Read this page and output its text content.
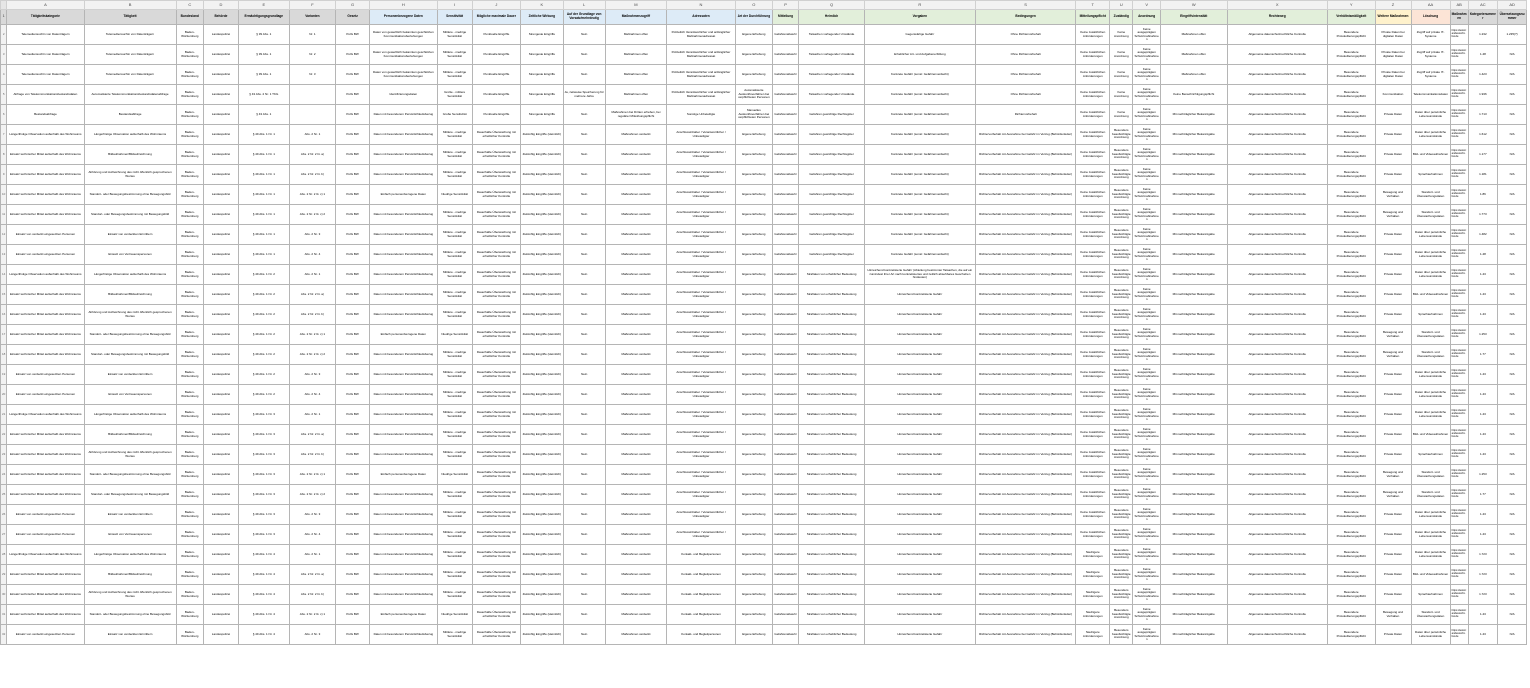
	A	B	C	D	E	F	G	H	I	J	K	L	M	N	O	P	Q	R	S	T	U	V	W	X	Y	Z	AA	AB	AC	AD
1	Tätigkeitskategorie	Tätigkeit	Bundesland	Behörde	Ermächtigungsgrundlage	Varianten	Gesetz	Personenbezogene Daten	Sensitivität	Mögliche maximale Dauer	Zeitliche Wirkung	Auf der Grundlage von Vorsatz/mehrdeutig	Maßnahmenzugriff	Adressaten	Art der Durchführung	Mitteilung	Heimlich	Vorgaben	Bedingungen	Mitteilungspflicht	Zuständig	Anordnung	Eingriffsintensität	Rechtsweg	Verhältnismäßigkeit	Weitere Maßnahmen	Löschung	Maßnahmen	Kategorienummer	Übersetzungsnummer
2	Telemediensuchtn von Datenträgern	Telemediensuchtn von Datenträgern	Baden-Württemberg	Landespolizei	§ 39 Abs. 1	Nr. 1	PolG BW	Daten von gewerblich bekannten geschützten Kommunikationsbeziehungen	Mittlere - niedrige Sensitivität	Punktuelle Eingriffe	Strengeste Eingriffe	Nein	Maßnahmen offen	Polizeilich Verantwortlicher und anfänglicher Maßnahmenadressat	Eigene Erhebung	Gefahrenabwehr	Tatsachen vorliegender Umstände	Gegenwärtige Gefahr	Ohne Richtervorbehalt	Keine zusätzlichen Anforderungen	Keine Anordnung	Keine ausgeprägten Schutzmaßnahmen	Maßnahmen offen	Allgemeine datenschutzrechtliche Kontrolle	Besondere Protokollierungspflicht	Private Daten bei digitalen Daten	Zugriff auf private IT-Systeme	https://www.landesrecht-bw.de	1.232	1.235(?)
3	Telemediensuchtn von Datenträgern	Telemediensuchtn von Datenträgern	Baden-Württemberg	Landespolizei	§ 39 Abs. 1	Nr. 2	PolG BW	Daten von gewerblich bekannten geschützten Kommunikationsbeziehungen	Mittlere - niedrige Sensitivität	Punktuelle Eingriffe	Strengeste Eingriffe	Nein	Maßnahmen offen	Polizeilich Verantwortlicher und anfänglicher Maßnahmenadressat	Eigene Erhebung	Gefahrenabwehr	Tatsachen vorliegender Umstände	Erheblicher Art- und Aufgabenerfüllung	Ohne Richtervorbehalt	Keine zusätzlichen Anforderungen	Keine Anordnung	Keine ausgeprägten Schutzmaßnahmen	Maßnahmen offen	Allgemeine datenschutzrechtliche Kontrolle	Besondere Protokollierungspflicht	Private Daten bei digitalen Daten	Zugriff auf private IT-Systeme	https://www.landesrecht-bw.de	1.48	N/A
4	Telemediensuchtn von Datenträgern	Telemediensuchtn von Datenträgern	Baden-Württemberg	Landespolizei	§ 39 Abs. 1	Nr. 3	PolG BW	Daten von gewerblich bekannten geschützten Kommunikationsbeziehungen	Mittlere - niedrige Sensitivität	Punktuelle Eingriffe	Strengeste Eingriffe	Nein	Maßnahmen offen	Polizeilich Verantwortlicher und anfänglicher Maßnahmenadressat	Eigene Erhebung	Gefahrenabwehr	Tatsachen vorliegender Umstände	Konkrete Gefahr (sonst: Gefahrenverdacht)	Ohne Richtervorbehalt	Keine zusätzlichen Anforderungen	Keine Anordnung	Keine ausgeprägten Schutzmaßnahmen	Maßnahmen offen	Allgemeine datenschutzrechtliche Kontrolle	Besondere Protokollierungspflicht	Private Daten bei digitalen Daten	Zugriff auf private IT-Systeme	https://www.landesrecht-bw.de	1.423	N/A
5	Abfrage von Telekommunikationsbestandsdaten	Automatisierte Telekommunikationsbestandsdatenabfrage	Baden-Württemberg	Landespolizei	§ 43 Abs. 2 Nr. 1 TKG		PolG BW	Identifizierungsdaten	Große - mittlere Sensitivität	Punktuelle Eingriffe	Strengeste Eingriffe	Ja, zeitweise Speicherung für mehrere Jahre	Maßnahmen offen	Polizeilich Verantwortlicher und anfänglicher Maßnahmenadressat	Automatisierte Auskunftsverfahren bei verpflichteten Personen	Gefahrenabwehr	Tatsachen vorliegender Umstände	Konkrete Gefahr (sonst: Gefahrenverdacht)	Ohne Richtervorbehalt	Keine zusätzlichen Anforderungen	Keine Anordnung	Keine ausgeprägten Schutzmaßnahmen	Keine Benachrichtigungspflicht	Allgemeine datenschutzrechtliche Kontrolle	Besondere Protokollierungspflicht	Kommunikation	Telekommunikationsdaten	https://www.landesrecht-bw.de	1.936	N/A
6	Bestandsabfrage	Bestandsabfrage	Baden-Württemberg	Landespolizei	§ 43 Abs. 1		PolG BW	Daten mit besonderem Persönlichkeitsbezug	Große Sensitivität	Punktuelle Eingriffe	Strengeste Eingriffe	Nein	Maßnahmen bei Dritten erheben, bei regulärer Mitwirkungspflicht	Sonstige Unbeteiligte	Manuelles Auskunftsverfahren bei verpflichteten Personen	Gefahrenabwehr	Gefahren gewichtige Rechtsgüter	Konkrete Gefahr (sonst: Gefahrenverdacht)	Richtervorbehalt	Keine zusätzlichen Anforderungen	Keine Anordnung	Keine ausgeprägten Schutzmaßnahmen	Mit nachträglicher Bekanntgabe	Allgemeine datenschutzrechtliche Kontrolle	Besondere Protokollierungspflicht	Private Daten	Daten über persönliche Lebensumstände	https://www.landesrecht-bw.de	1.713	N/A
7	Längerfristige Observation außerhalb des Wohnraums	Längerfristige Observation außerhalb des Wohnraums	Baden-Württemberg	Landespolizei	§ 49 Abs. 1 Nr. 1	Abs. 2 Nr. 1	PolG BW	Daten mit besonderem Persönlichkeitsbezug	Mittlere - niedrige Sensitivität	Dauerhafte Überwachung mit erheblicher Kontrolle	Zukünftig Eingriffe (Heimlich)	Nein	Maßnahmen verdeckt	Anschlussinhaber / Verantwortlicher / Unbeteiligter	Eigene Erhebung	Gefahrenabwehr	Gefahren gewichtige Rechtsgüter	Konkrete Gefahr (sonst: Gefahrenverdacht)	Richtervorbehalt mit Ausnahme bei Gefahr im Verzug (Behördenleiter)	Keine zusätzlichen Anforderungen	Besonders beaufsichtigte Anordnung	Keine ausgeprägten Schutzmaßnahmen	Mit nachträglicher Bekanntgabe	Allgemeine datenschutzrechtliche Kontrolle	Besondere Protokollierungspflicht	Private Daten	Daten über persönliche Lebensumstände	https://www.landesrecht-bw.de	1.612	N/A
8	Einsatz technischer Mittel außerhalb des Wohnraums	Bildaufnahmen/Bildaufzeichnung	Baden-Württemberg	Landespolizei	§ 49 Abs. 1 Nr. 1	Abs. 2 Nr. 2 lit. a)	PolG BW	Daten mit besonderem Persönlichkeitsbezug	Mittlere - niedrige Sensitivität	Dauerhafte Überwachung mit erheblicher Kontrolle	Zukünftig Eingriffe (Heimlich)	Nein	Maßnahmen verdeckt	Anschlussinhaber / Verantwortlicher / Unbeteiligter	Eigene Erhebung	Gefahrenabwehr	Gefahren gewichtige Rechtsgüter	Konkrete Gefahr (sonst: Gefahrenverdacht)	Richtervorbehalt mit Ausnahme bei Gefahr im Verzug (Behördenleiter)	Keine zusätzlichen Anforderungen	Besonders beaufsichtigte Anordnung	Keine ausgeprägten Schutzmaßnahmen	Mit nachträglicher Bekanntgabe	Allgemeine datenschutzrechtliche Kontrolle	Besondere Protokollierungspflicht	Private Daten	Bild- und Videoaufnahmen	https://www.landesrecht-bw.de	1.177	N/A
9	Einsatz technischer Mittel außerhalb des Wohnraums	Abhörung und Aufzeichnung des nicht öffentlich gesprochenen Wortes	Baden-Württemberg	Landespolizei	§ 49 Abs. 1 Nr. 1	Abs. 2 Nr. 2 lit. b)	PolG BW	Daten mit besonderem Persönlichkeitsbezug	Mittlere - niedrige Sensitivität	Dauerhafte Überwachung mit erheblicher Kontrolle	Zukünftig Eingriffe (Heimlich)	Nein	Maßnahmen verdeckt	Anschlussinhaber / Verantwortlicher / Unbeteiligter	Eigene Erhebung	Gefahrenabwehr	Gefahren gewichtige Rechtsgüter	Konkrete Gefahr (sonst: Gefahrenverdacht)	Richtervorbehalt mit Ausnahme bei Gefahr im Verzug (Behördenleiter)	Keine zusätzlichen Anforderungen	Besonders beaufsichtigte Anordnung	Keine ausgeprägten Schutzmaßnahmen	Mit nachträglicher Bekanntgabe	Allgemeine datenschutzrechtliche Kontrolle	Besondere Protokollierungspflicht	Private Daten	Sprachaufnahmen	https://www.landesrecht-bw.de	1.181	N/A
10	Einsatz technischer Mittel außerhalb des Wohnraums	Standort- oder Bewegungsbestimmung ohne Bewegungsbild	Baden-Württemberg	Landespolizei	§ 49 Abs. 1 Nr. 1	Abs. 2 Nr. 2 lit. c) 1	PolG BW	Einfach personenbezogene Daten	Niedrige Sensitivität	Dauerhafte Überwachung mit erheblicher Kontrolle	Zukünftig Eingriffe (Heimlich)	Nein	Maßnahmen verdeckt	Anschlussinhaber / Verantwortlicher / Unbeteiligter	Eigene Erhebung	Gefahrenabwehr	Gefahren gewichtige Rechtsgüter	Konkrete Gefahr (sonst: Gefahrenverdacht)	Richtervorbehalt mit Ausnahme bei Gefahr im Verzug (Behördenleiter)	Keine zusätzlichen Anforderungen	Besonders beaufsichtigte Anordnung	Keine ausgeprägten Schutzmaßnahmen	Mit nachträglicher Bekanntgabe	Allgemeine datenschutzrechtliche Kontrolle	Besondere Protokollierungspflicht	Bewegung und Verhalten	Standort- und Überwachungsdaten	https://www.landesrecht-bw.de	1.86	N/A
11	Einsatz technischer Mittel außerhalb des Wohnraums	Standort- oder Bewegungsbestimmung mit Bewegungsbild	Baden-Württemberg	Landespolizei	§ 49 Abs. 1 Nr. 1	Abs. 2 Nr. 2 lit. c) 2	PolG BW	Daten mit besonderem Persönlichkeitsbezug	Mittlere - niedrige Sensitivität	Dauerhafte Überwachung mit erheblicher Kontrolle	Zukünftig Eingriffe (Heimlich)	Nein	Maßnahmen verdeckt	Anschlussinhaber / Verantwortlicher / Unbeteiligter	Eigene Erhebung	Gefahrenabwehr	Gefahren gewichtige Rechtsgüter	Konkrete Gefahr (sonst: Gefahrenverdacht)	Richtervorbehalt mit Ausnahme bei Gefahr im Verzug (Behördenleiter)	Keine zusätzlichen Anforderungen	Besonders beaufsichtigte Anordnung	Keine ausgeprägten Schutzmaßnahmen	Mit nachträglicher Bekanntgabe	Allgemeine datenschutzrechtliche Kontrolle	Besondere Protokollierungspflicht	Bewegung und Verhalten	Standort- und Überwachungsdaten	https://www.landesrecht-bw.de	1.773	N/A
12	Einsatz von verdeckt eingesetzten Personen	Einsatz von verdeckten Ermittlern	Baden-Württemberg	Landespolizei	§ 49 Abs. 1 Nr. 1	Abs. 2 Nr. 3	PolG BW	Daten mit besonderem Persönlichkeitsbezug	Mittlere - niedrige Sensitivität	Dauerhafte Überwachung mit erheblicher Kontrolle	Zukünftig Eingriffe (Heimlich)	Nein	Maßnahmen verdeckt	Anschlussinhaber / Verantwortlicher / Unbeteiligter	Eigene Erhebung	Gefahrenabwehr	Gefahren gewichtige Rechtsgüter	Konkrete Gefahr (sonst: Gefahrenverdacht)	Richtervorbehalt mit Ausnahme bei Gefahr im Verzug (Behördenleiter)	Keine zusätzlichen Anforderungen	Besonders beaufsichtigte Anordnung	Keine ausgeprägten Schutzmaßnahmen	Mit nachträglicher Bekanntgabe	Allgemeine datenschutzrechtliche Kontrolle	Besondere Protokollierungspflicht	Private Daten	Daten über persönliche Lebensumstände	https://www.landesrecht-bw.de	1.482	N/A
13	Einsatz von verdeckt eingesetzten Personen	Einsatz von Vertrauenspersonen	Baden-Württemberg	Landespolizei	§ 49 Abs. 1 Nr. 1	Abs. 2 Nr. 4	PolG BW	Daten mit besonderem Persönlichkeitsbezug	Mittlere - niedrige Sensitivität	Dauerhafte Überwachung mit erheblicher Kontrolle	Zukünftig Eingriffe (Heimlich)	Nein	Maßnahmen verdeckt	Anschlussinhaber / Verantwortlicher / Unbeteiligter	Eigene Erhebung	Gefahrenabwehr	Gefahren gewichtige Rechtsgüter	Konkrete Gefahr (sonst: Gefahrenverdacht)	Richtervorbehalt mit Ausnahme bei Gefahr im Verzug (Behördenleiter)	Keine zusätzlichen Anforderungen	Besonders beaufsichtigte Anordnung	Keine ausgeprägten Schutzmaßnahmen	Mit nachträglicher Bekanntgabe	Allgemeine datenschutzrechtliche Kontrolle	Besondere Protokollierungspflicht	Private Daten	Daten über persönliche Lebensumstände	https://www.landesrecht-bw.de	1.48	N/A
14	Längerfristige Observation außerhalb des Wohnraums	Längerfristige Observation außerhalb des Wohnraums	Baden-Württemberg	Landespolizei	§ 49 Abs. 1 Nr. 2	Abs. 2 Nr. 1	PolG BW	Daten mit besonderem Persönlichkeitsbezug	Mittlere - niedrige Sensitivität	Dauerhafte Überwachung mit erheblicher Kontrolle	Zukünftig Eingriffe (Heimlich)	Nein	Maßnahmen verdeckt	Anschlussinhaber / Verantwortlicher / Unbeteiligter	Eigene Erhebung	Gefahrenabwehr	Straftaten von erheblicher Bedeutung	Hinreichend konkretisierte Gefahr (Ableitung bestimmter Tatsachen, die auf ein zumindest ihrer Art nach konkretisiertes und zeitlich absehbares Geschehen hindeuten)	Richtervorbehalt mit Ausnahme bei Gefahr im Verzug (Behördenleiter)	Keine zusätzlichen Anforderungen	Besonders beaufsichtigte Anordnung	Keine ausgeprägten Schutzmaßnahmen	Mit nachträglicher Bekanntgabe	Allgemeine datenschutzrechtliche Kontrolle	Besondere Protokollierungspflicht	Private Daten	Daten über persönliche Lebensumstände	https://www.landesrecht-bw.de	1.43	N/A
15	Einsatz technischer Mittel außerhalb des Wohnraums	Bildaufnahmen/Bildaufzeichnung	Baden-Württemberg	Landespolizei	§ 49 Abs. 1 Nr. 2	Abs. 2 Nr. 2 lit. a)	PolG BW	Daten mit besonderem Persönlichkeitsbezug	Mittlere - niedrige Sensitivität	Dauerhafte Überwachung mit erheblicher Kontrolle	Zukünftig Eingriffe (Heimlich)	Nein	Maßnahmen verdeckt	Anschlussinhaber / Verantwortlicher / Unbeteiligter	Eigene Erhebung	Gefahrenabwehr	Straftaten von erheblicher Bedeutung	Hinreichend konkretisierte Gefahr	Richtervorbehalt mit Ausnahme bei Gefahr im Verzug (Behördenleiter)	Keine zusätzlichen Anforderungen	Besonders beaufsichtigte Anordnung	Keine ausgeprägten Schutzmaßnahmen	Mit nachträglicher Bekanntgabe	Allgemeine datenschutzrechtliche Kontrolle	Besondere Protokollierungspflicht	Private Daten	Bild- und Videoaufnahmen	https://www.landesrecht-bw.de	1.43	N/A
16	Einsatz technischer Mittel außerhalb des Wohnraums	Abhörung und Aufzeichnung des nicht öffentlich gesprochenen Wortes	Baden-Württemberg	Landespolizei	§ 49 Abs. 1 Nr. 2	Abs. 2 Nr. 2 lit. b)	PolG BW	Daten mit besonderem Persönlichkeitsbezug	Mittlere - niedrige Sensitivität	Dauerhafte Überwachung mit erheblicher Kontrolle	Zukünftig Eingriffe (Heimlich)	Nein	Maßnahmen verdeckt	Anschlussinhaber / Verantwortlicher / Unbeteiligter	Eigene Erhebung	Gefahrenabwehr	Straftaten von erheblicher Bedeutung	Hinreichend konkretisierte Gefahr	Richtervorbehalt mit Ausnahme bei Gefahr im Verzug (Behördenleiter)	Keine zusätzlichen Anforderungen	Besonders beaufsichtigte Anordnung	Keine ausgeprägten Schutzmaßnahmen	Mit nachträglicher Bekanntgabe	Allgemeine datenschutzrechtliche Kontrolle	Besondere Protokollierungspflicht	Private Daten	Sprachaufnahmen	https://www.landesrecht-bw.de	1.43	N/A
17	Einsatz technischer Mittel außerhalb des Wohnraums	Standort- oder Bewegungsbestimmung ohne Bewegungsbild	Baden-Württemberg	Landespolizei	§ 49 Abs. 1 Nr. 2	Abs. 2 Nr. 2 lit. c) 1	PolG BW	Einfach personenbezogene Daten	Niedrige Sensitivität	Dauerhafte Überwachung mit erheblicher Kontrolle	Zukünftig Eingriffe (Heimlich)	Nein	Maßnahmen verdeckt	Anschlussinhaber / Verantwortlicher / Unbeteiligter	Eigene Erhebung	Gefahrenabwehr	Straftaten von erheblicher Bedeutung	Hinreichend konkretisierte Gefahr	Richtervorbehalt mit Ausnahme bei Gefahr im Verzug (Behördenleiter)	Keine zusätzlichen Anforderungen	Besonders beaufsichtigte Anordnung	Keine ausgeprägten Schutzmaßnahmen	Mit nachträglicher Bekanntgabe	Allgemeine datenschutzrechtliche Kontrolle	Besondere Protokollierungspflicht	Bewegung und Verhalten	Standort- und Überwachungsdaten	https://www.landesrecht-bw.de	1.253	N/A
18	Einsatz technischer Mittel außerhalb des Wohnraums	Standort- oder Bewegungsbestimmung mit Bewegungsbild	Baden-Württemberg	Landespolizei	§ 49 Abs. 1 Nr. 2	Abs. 2 Nr. 2 lit. c) 2	PolG BW	Daten mit besonderem Persönlichkeitsbezug	Mittlere - niedrige Sensitivität	Dauerhafte Überwachung mit erheblicher Kontrolle	Zukünftig Eingriffe (Heimlich)	Nein	Maßnahmen verdeckt	Anschlussinhaber / Verantwortlicher / Unbeteiligter	Eigene Erhebung	Gefahrenabwehr	Straftaten von erheblicher Bedeutung	Hinreichend konkretisierte Gefahr	Richtervorbehalt mit Ausnahme bei Gefahr im Verzug (Behördenleiter)	Keine zusätzlichen Anforderungen	Besonders beaufsichtigte Anordnung	Keine ausgeprägten Schutzmaßnahmen	Mit nachträglicher Bekanntgabe	Allgemeine datenschutzrechtliche Kontrolle	Besondere Protokollierungspflicht	Bewegung und Verhalten	Standort- und Überwachungsdaten	https://www.landesrecht-bw.de	1.77	N/A
19	Einsatz von verdeckt eingesetzten Personen	Einsatz von verdeckten Ermittlern	Baden-Württemberg	Landespolizei	§ 49 Abs. 1 Nr. 2	Abs. 2 Nr. 3	PolG BW	Daten mit besonderem Persönlichkeitsbezug	Mittlere - niedrige Sensitivität	Dauerhafte Überwachung mit erheblicher Kontrolle	Zukünftig Eingriffe (Heimlich)	Nein	Maßnahmen verdeckt	Anschlussinhaber / Verantwortlicher / Unbeteiligter	Eigene Erhebung	Gefahrenabwehr	Straftaten von erheblicher Bedeutung	Hinreichend konkretisierte Gefahr	Richtervorbehalt mit Ausnahme bei Gefahr im Verzug (Behördenleiter)	Keine zusätzlichen Anforderungen	Besonders beaufsichtigte Anordnung	Keine ausgeprägten Schutzmaßnahmen	Mit nachträglicher Bekanntgabe	Allgemeine datenschutzrechtliche Kontrolle	Besondere Protokollierungspflicht	Private Daten	Daten über persönliche Lebensumstände	https://www.landesrecht-bw.de	1.43	N/A
20	Einsatz von verdeckt eingesetzten Personen	Einsatz von Vertrauenspersonen	Baden-Württemberg	Landespolizei	§ 49 Abs. 1 Nr. 2	Abs. 2 Nr. 4	PolG BW	Daten mit besonderem Persönlichkeitsbezug	Mittlere - niedrige Sensitivität	Dauerhafte Überwachung mit erheblicher Kontrolle	Zukünftig Eingriffe (Heimlich)	Nein	Maßnahmen verdeckt	Anschlussinhaber / Verantwortlicher / Unbeteiligter	Eigene Erhebung	Gefahrenabwehr	Straftaten von erheblicher Bedeutung	Hinreichend konkretisierte Gefahr	Richtervorbehalt mit Ausnahme bei Gefahr im Verzug (Behördenleiter)	Keine zusätzlichen Anforderungen	Besonders beaufsichtigte Anordnung	Keine ausgeprägten Schutzmaßnahmen	Mit nachträglicher Bekanntgabe	Allgemeine datenschutzrechtliche Kontrolle	Besondere Protokollierungspflicht	Private Daten	Daten über persönliche Lebensumstände	https://www.landesrecht-bw.de	1.43	N/A
21	Längerfristige Observation außerhalb des Wohnraums	Längerfristige Observation außerhalb des Wohnraums	Baden-Württemberg	Landespolizei	§ 49 Abs. 1 Nr. 3	Abs. 2 Nr. 1	PolG BW	Daten mit besonderem Persönlichkeitsbezug	Mittlere - niedrige Sensitivität	Dauerhafte Überwachung mit erheblicher Kontrolle	Zukünftig Eingriffe (Heimlich)	Nein	Maßnahmen verdeckt	Anschlussinhaber / Verantwortlicher / Unbeteiligter	Eigene Erhebung	Gefahrenabwehr	Straftaten von erheblicher Bedeutung	Hinreichend konkretisierte Gefahr	Richtervorbehalt mit Ausnahme bei Gefahr im Verzug (Behördenleiter)	Keine zusätzlichen Anforderungen	Besonders beaufsichtigte Anordnung	Keine ausgeprägten Schutzmaßnahmen	Mit nachträglicher Bekanntgabe	Allgemeine datenschutzrechtliche Kontrolle	Besondere Protokollierungspflicht	Private Daten	Daten über persönliche Lebensumstände	https://www.landesrecht-bw.de	1.43	N/A
22	Einsatz technischer Mittel außerhalb des Wohnraums	Bildaufnahmen/Bildaufzeichnung	Baden-Württemberg	Landespolizei	§ 49 Abs. 1 Nr. 3	Abs. 2 Nr. 2 lit. a)	PolG BW	Daten mit besonderem Persönlichkeitsbezug	Mittlere - niedrige Sensitivität	Dauerhafte Überwachung mit erheblicher Kontrolle	Zukünftig Eingriffe (Heimlich)	Nein	Maßnahmen verdeckt	Anschlussinhaber / Verantwortlicher / Unbeteiligter	Eigene Erhebung	Gefahrenabwehr	Straftaten von erheblicher Bedeutung	Hinreichend konkretisierte Gefahr	Richtervorbehalt mit Ausnahme bei Gefahr im Verzug (Behördenleiter)	Keine zusätzlichen Anforderungen	Besonders beaufsichtigte Anordnung	Keine ausgeprägten Schutzmaßnahmen	Mit nachträglicher Bekanntgabe	Allgemeine datenschutzrechtliche Kontrolle	Besondere Protokollierungspflicht	Private Daten	Bild- und Videoaufnahmen	https://www.landesrecht-bw.de	1.43	N/A
23	Einsatz technischer Mittel außerhalb des Wohnraums	Abhörung und Aufzeichnung des nicht öffentlich gesprochenen Wortes	Baden-Württemberg	Landespolizei	§ 49 Abs. 1 Nr. 3	Abs. 2 Nr. 2 lit. b)	PolG BW	Daten mit besonderem Persönlichkeitsbezug	Mittlere - niedrige Sensitivität	Dauerhafte Überwachung mit erheblicher Kontrolle	Zukünftig Eingriffe (Heimlich)	Nein	Maßnahmen verdeckt	Anschlussinhaber / Verantwortlicher / Unbeteiligter	Eigene Erhebung	Gefahrenabwehr	Straftaten von erheblicher Bedeutung	Hinreichend konkretisierte Gefahr	Richtervorbehalt mit Ausnahme bei Gefahr im Verzug (Behördenleiter)	Keine zusätzlichen Anforderungen	Besonders beaufsichtigte Anordnung	Keine ausgeprägten Schutzmaßnahmen	Mit nachträglicher Bekanntgabe	Allgemeine datenschutzrechtliche Kontrolle	Besondere Protokollierungspflicht	Private Daten	Sprachaufnahmen	https://www.landesrecht-bw.de	1.43	N/A
24	Einsatz technischer Mittel außerhalb des Wohnraums	Standort- oder Bewegungsbestimmung ohne Bewegungsbild	Baden-Württemberg	Landespolizei	§ 49 Abs. 1 Nr. 3	Abs. 2 Nr. 2 lit. c) 1	PolG BW	Einfach personenbezogene Daten	Niedrige Sensitivität	Dauerhafte Überwachung mit erheblicher Kontrolle	Zukünftig Eingriffe (Heimlich)	Nein	Maßnahmen verdeckt	Anschlussinhaber / Verantwortlicher / Unbeteiligter	Eigene Erhebung	Gefahrenabwehr	Straftaten von erheblicher Bedeutung	Hinreichend konkretisierte Gefahr	Richtervorbehalt mit Ausnahme bei Gefahr im Verzug (Behördenleiter)	Keine zusätzlichen Anforderungen	Besonders beaufsichtigte Anordnung	Keine ausgeprägten Schutzmaßnahmen	Mit nachträglicher Bekanntgabe	Allgemeine datenschutzrechtliche Kontrolle	Besondere Protokollierungspflicht	Bewegung und Verhalten	Standort- und Überwachungsdaten	https://www.landesrecht-bw.de	1.253	N/A
25	Einsatz technischer Mittel außerhalb des Wohnraums	Standort- oder Bewegungsbestimmung mit Bewegungsbild	Baden-Württemberg	Landespolizei	§ 49 Abs. 1 Nr. 3	Abs. 2 Nr. 2 lit. c) 2	PolG BW	Daten mit besonderem Persönlichkeitsbezug	Mittlere - niedrige Sensitivität	Dauerhafte Überwachung mit erheblicher Kontrolle	Zukünftig Eingriffe (Heimlich)	Nein	Maßnahmen verdeckt	Anschlussinhaber / Verantwortlicher / Unbeteiligter	Eigene Erhebung	Gefahrenabwehr	Straftaten von erheblicher Bedeutung	Hinreichend konkretisierte Gefahr	Richtervorbehalt mit Ausnahme bei Gefahr im Verzug (Behördenleiter)	Keine zusätzlichen Anforderungen	Besonders beaufsichtigte Anordnung	Keine ausgeprägten Schutzmaßnahmen	Mit nachträglicher Bekanntgabe	Allgemeine datenschutzrechtliche Kontrolle	Besondere Protokollierungspflicht	Bewegung und Verhalten	Standort- und Überwachungsdaten	https://www.landesrecht-bw.de	1.77	N/A
26	Einsatz von verdeckt eingesetzten Personen	Einsatz von verdeckten Ermittlern	Baden-Württemberg	Landespolizei	§ 49 Abs. 1 Nr. 3	Abs. 2 Nr. 3	PolG BW	Daten mit besonderem Persönlichkeitsbezug	Mittlere - niedrige Sensitivität	Dauerhafte Überwachung mit erheblicher Kontrolle	Zukünftig Eingriffe (Heimlich)	Nein	Maßnahmen verdeckt	Anschlussinhaber / Verantwortlicher / Unbeteiligter	Eigene Erhebung	Gefahrenabwehr	Straftaten von erheblicher Bedeutung	Hinreichend konkretisierte Gefahr	Richtervorbehalt mit Ausnahme bei Gefahr im Verzug (Behördenleiter)	Keine zusätzlichen Anforderungen	Besonders beaufsichtigte Anordnung	Keine ausgeprägten Schutzmaßnahmen	Mit nachträglicher Bekanntgabe	Allgemeine datenschutzrechtliche Kontrolle	Besondere Protokollierungspflicht	Private Daten	Daten über persönliche Lebensumstände	https://www.landesrecht-bw.de	1.43	N/A
27	Einsatz von verdeckt eingesetzten Personen	Einsatz von Vertrauenspersonen	Baden-Württemberg	Landespolizei	§ 49 Abs. 1 Nr. 3	Abs. 2 Nr. 4	PolG BW	Daten mit besonderem Persönlichkeitsbezug	Mittlere - niedrige Sensitivität	Dauerhafte Überwachung mit erheblicher Kontrolle	Zukünftig Eingriffe (Heimlich)	Nein	Maßnahmen verdeckt	Anschlussinhaber / Verantwortlicher / Unbeteiligter	Eigene Erhebung	Gefahrenabwehr	Straftaten von erheblicher Bedeutung	Hinreichend konkretisierte Gefahr	Richtervorbehalt mit Ausnahme bei Gefahr im Verzug (Behördenleiter)	Keine zusätzlichen Anforderungen	Besonders beaufsichtigte Anordnung	Keine ausgeprägten Schutzmaßnahmen	Mit nachträglicher Bekanntgabe	Allgemeine datenschutzrechtliche Kontrolle	Besondere Protokollierungspflicht	Private Daten	Daten über persönliche Lebensumstände	https://www.landesrecht-bw.de	1.43	N/A
28	Längerfristige Observation außerhalb des Wohnraums	Längerfristige Observation außerhalb des Wohnraums	Baden-Württemberg	Landespolizei	§ 49 Abs. 1 Nr. 4	Abs. 2 Nr. 1	PolG BW	Daten mit besonderem Persönlichkeitsbezug	Mittlere - niedrige Sensitivität	Dauerhafte Überwachung mit erheblicher Kontrolle	Zukünftig Eingriffe (Heimlich)	Nein	Maßnahmen verdeckt	Kontakt- und Begleitpersonen	Eigene Erhebung	Gefahrenabwehr	Straftaten von erheblicher Bedeutung	Hinreichend konkretisierte Gefahr	Richtervorbehalt mit Ausnahme bei Gefahr im Verzug (Behördenleiter)	Niedrigere Anforderungen	Besonders beaufsichtigte Anordnung	Keine ausgeprägten Schutzmaßnahmen	Mit nachträglicher Bekanntgabe	Allgemeine datenschutzrechtliche Kontrolle	Besondere Protokollierungspflicht	Private Daten	Daten über persönliche Lebensumstände	https://www.landesrecht-bw.de	1.723	N/A
29	Einsatz technischer Mittel außerhalb des Wohnraums	Bildaufnahmen/Bildaufzeichnung	Baden-Württemberg	Landespolizei	§ 49 Abs. 1 Nr. 4	Abs. 2 Nr. 2 lit. a)	PolG BW	Daten mit besonderem Persönlichkeitsbezug	Mittlere - niedrige Sensitivität	Dauerhafte Überwachung mit erheblicher Kontrolle	Zukünftig Eingriffe (Heimlich)	Nein	Maßnahmen verdeckt	Kontakt- und Begleitpersonen	Eigene Erhebung	Gefahrenabwehr	Straftaten von erheblicher Bedeutung	Hinreichend konkretisierte Gefahr	Richtervorbehalt mit Ausnahme bei Gefahr im Verzug (Behördenleiter)	Niedrigere Anforderungen	Besonders beaufsichtigte Anordnung	Keine ausgeprägten Schutzmaßnahmen	Mit nachträglicher Bekanntgabe	Allgemeine datenschutzrechtliche Kontrolle	Besondere Protokollierungspflicht	Private Daten	Bild- und Videoaufnahmen	https://www.landesrecht-bw.de	1.723	N/A
30	Einsatz technischer Mittel außerhalb des Wohnraums	Abhörung und Aufzeichnung des nicht öffentlich gesprochenen Wortes	Baden-Württemberg	Landespolizei	§ 49 Abs. 1 Nr. 4	Abs. 2 Nr. 2 lit. b)	PolG BW	Daten mit besonderem Persönlichkeitsbezug	Mittlere - niedrige Sensitivität	Dauerhafte Überwachung mit erheblicher Kontrolle	Zukünftig Eingriffe (Heimlich)	Nein	Maßnahmen verdeckt	Kontakt- und Begleitpersonen	Eigene Erhebung	Gefahrenabwehr	Straftaten von erheblicher Bedeutung	Hinreichend konkretisierte Gefahr	Richtervorbehalt mit Ausnahme bei Gefahr im Verzug (Behördenleiter)	Niedrigere Anforderungen	Besonders beaufsichtigte Anordnung	Keine ausgeprägten Schutzmaßnahmen	Mit nachträglicher Bekanntgabe	Allgemeine datenschutzrechtliche Kontrolle	Besondere Protokollierungspflicht	Private Daten	Sprachaufnahmen	https://www.landesrecht-bw.de	1.723	N/A
31	Einsatz technischer Mittel außerhalb des Wohnraums	Standort- oder Bewegungsbestimmung ohne Bewegungsbild	Baden-Württemberg	Landespolizei	§ 49 Abs. 1 Nr. 4	Abs. 2 Nr. 2 lit. c) 1	PolG BW	Einfach personenbezogene Daten	Niedrige Sensitivität	Dauerhafte Überwachung mit erheblicher Kontrolle	Zukünftig Eingriffe (Heimlich)	Nein	Maßnahmen verdeckt	Kontakt- und Begleitpersonen	Eigene Erhebung	Gefahrenabwehr	Straftaten von erheblicher Bedeutung	Hinreichend konkretisierte Gefahr	Richtervorbehalt mit Ausnahme bei Gefahr im Verzug (Behördenleiter)	Niedrigere Anforderungen	Besonders beaufsichtigte Anordnung	Keine ausgeprägten Schutzmaßnahmen	Mit nachträglicher Bekanntgabe	Allgemeine datenschutzrechtliche Kontrolle	Besondere Protokollierungspflicht	Bewegung und Verhalten	Standort- und Überwachungsdaten	https://www.landesrecht-bw.de	1.43	N/A
32	Einsatz von verdeckt eingesetzten Personen	Einsatz von verdeckten Ermittlern	Baden-Württemberg	Landespolizei	§ 49 Abs. 1 Nr. 4	Abs. 2 Nr. 3	PolG BW	Daten mit besonderem Persönlichkeitsbezug	Mittlere - niedrige Sensitivität	Dauerhafte Überwachung mit erheblicher Kontrolle	Zukünftig Eingriffe (Heimlich)	Nein	Maßnahmen verdeckt	Kontakt- und Begleitpersonen	Eigene Erhebung	Gefahrenabwehr	Straftaten von erheblicher Bedeutung	Hinreichend konkretisierte Gefahr	Richtervorbehalt mit Ausnahme bei Gefahr im Verzug (Behördenleiter)	Niedrigere Anforderungen	Besonders beaufsichtigte Anordnung	Keine ausgeprägten Schutzmaßnahmen	Mit nachträglicher Bekanntgabe	Allgemeine datenschutzrechtliche Kontrolle	Besondere Protokollierungspflicht	Private Daten	Daten über persönliche Lebensumstände	https://www.landesrecht-bw.de	1.43	N/A
